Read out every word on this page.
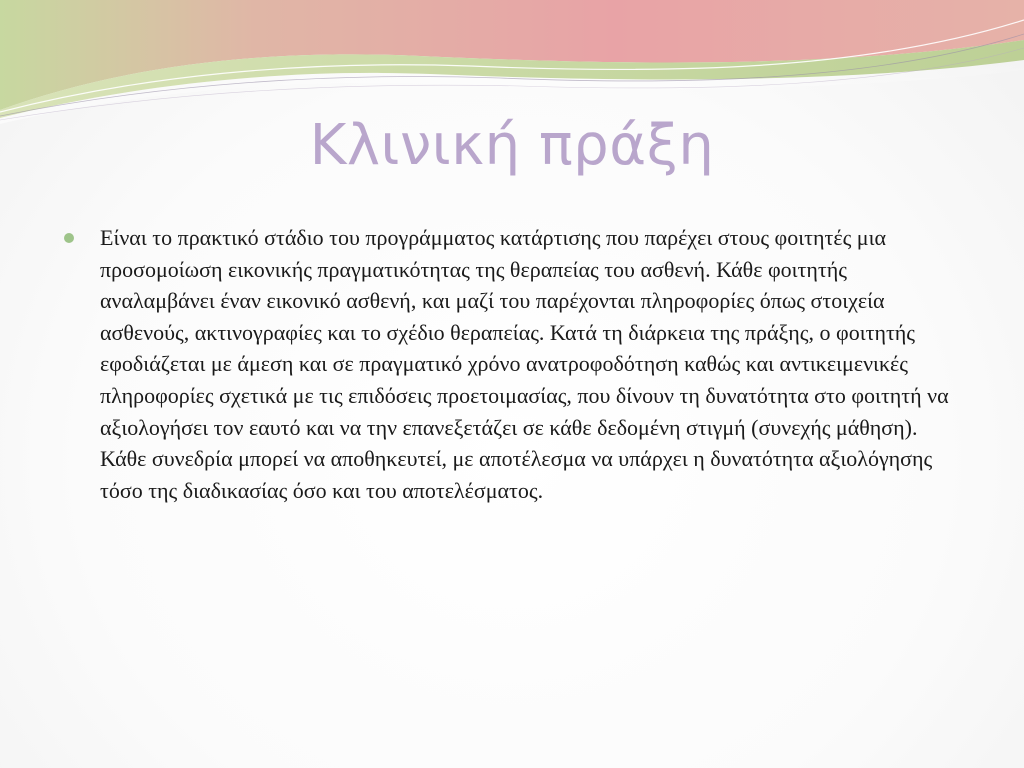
Κλινική πράξη

Είναι το πρακτικό στάδιο του προγράμματος κατάρτισης που παρέχει στους φοιτητές μια προσομοίωση εικονικής πραγματικότητας της θεραπείας του ασθενή. Κάθε φοιτητής αναλαμβάνει έναν εικονικό ασθενή, και μαζί του παρέχονται πληροφορίες όπως στοιχεία ασθενούς, ακτινογραφίες και το σχέδιο θεραπείας. Κατά τη διάρκεια της πράξης, ο φοιτητής εφοδιάζεται με άμεση και σε πραγματικό χρόνο ανατροφοδότηση καθώς και αντικειμενικές πληροφορίες σχετικά με τις επιδόσεις προετοιμασίας, που δίνουν τη δυνατότητα στο φοιτητή να αξιολογήσει τον εαυτό και να την επανεξετάζει σε κάθε δεδομένη στιγμή (συνεχής μάθηση). Κάθε συνεδρία μπορεί να αποθηκευτεί, με αποτέλεσμα να υπάρχει η δυνατότητα αξιολόγησης τόσο της διαδικασίας όσο και του αποτελέσματος.
